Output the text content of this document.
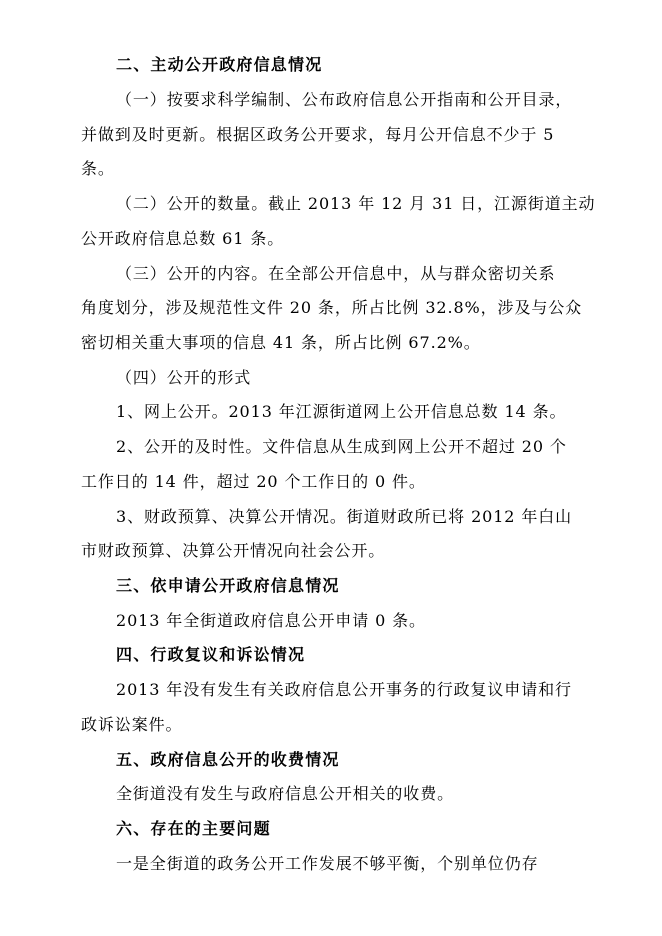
二、主动公开政府信息情况
（一）按要求科学编制、公布政府信息公开指南和公开目录，
并做到及时更新。根据区政务公开要求，每月公开信息不少于 5
条。
（二）公开的数量。截止 2013 年 12 月 31 日，江源街道主动
公开政府信息总数 61 条。
（三）公开的内容。在全部公开信息中，从与群众密切关系
角度划分，涉及规范性文件 20 条，所占比例 32.8%，涉及与公众
密切相关重大事项的信息 41 条，所占比例 67.2%。
（四）公开的形式
1、网上公开。2013 年江源街道网上公开信息总数 14 条。
2、公开的及时性。文件信息从生成到网上公开不超过 20 个
工作日的 14 件，超过 20 个工作日的 0 件。
3、财政预算、决算公开情况。街道财政所已将 2012 年白山
市财政预算、决算公开情况向社会公开。
三、依申请公开政府信息情况
2013 年全街道政府信息公开申请 0 条。
四、行政复议和诉讼情况
2013 年没有发生有关政府信息公开事务的行政复议申请和行
政诉讼案件。
五、政府信息公开的收费情况
全街道没有发生与政府信息公开相关的收费。
六、存在的主要问题
一是全街道的政务公开工作发展不够平衡，个别单位仍存
